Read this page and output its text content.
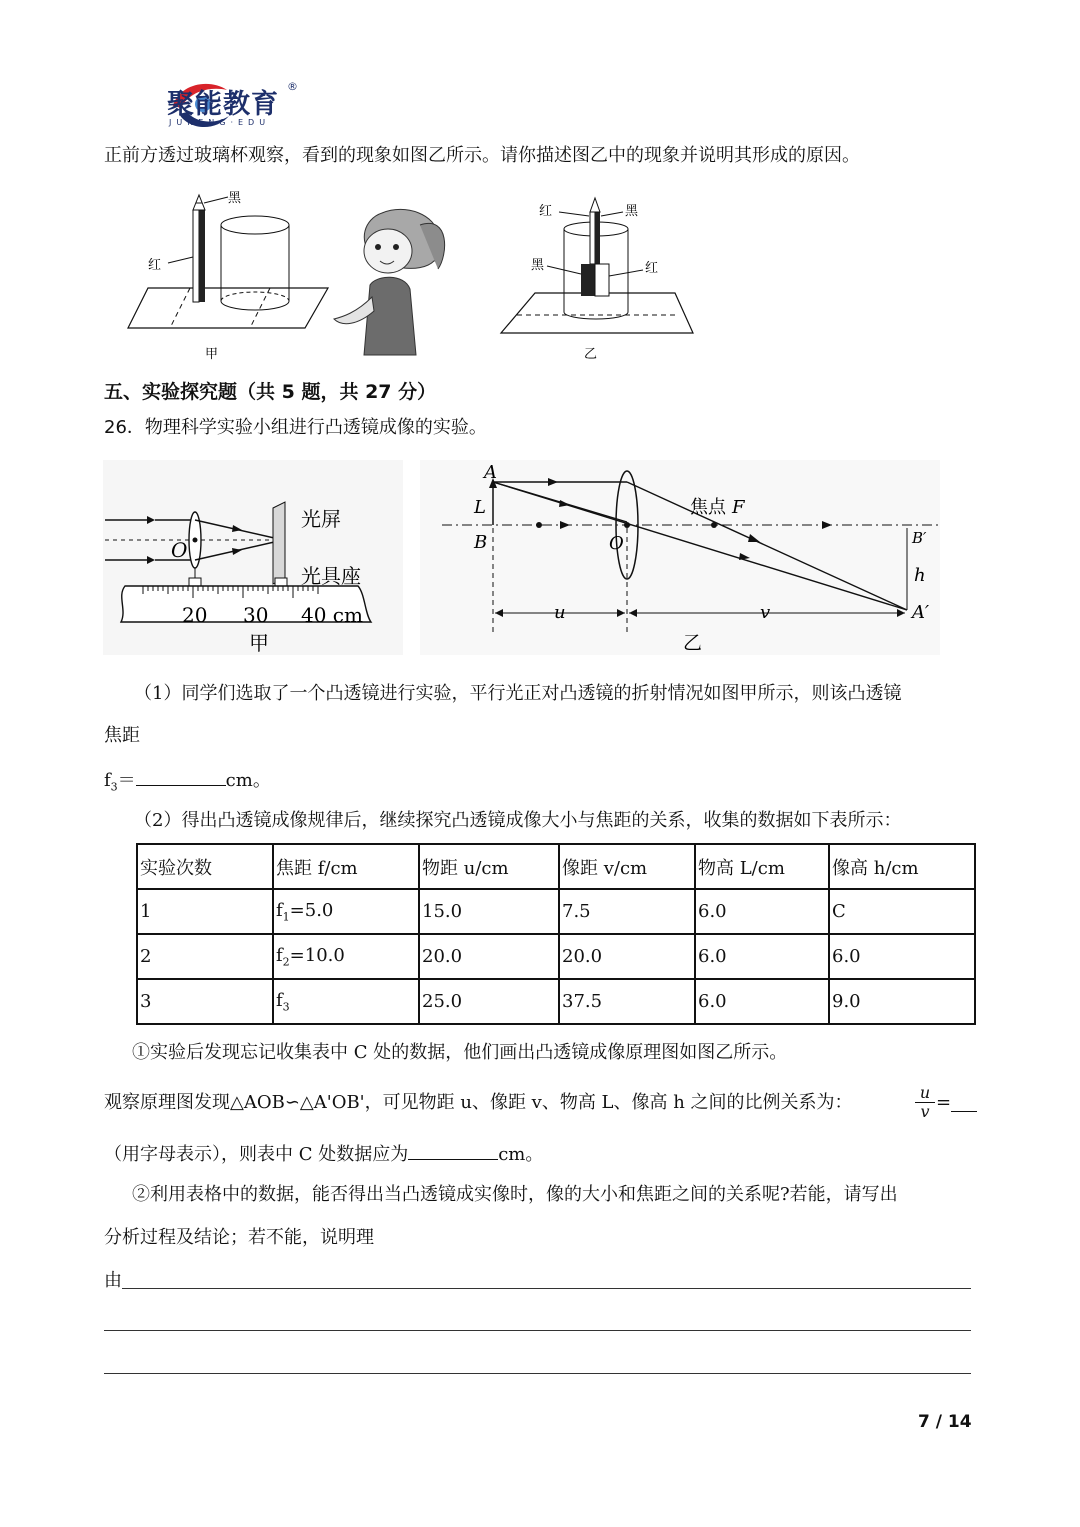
聚能教育
®
JUNENG·EDU
正前方透过玻璃杯观察，看到的现象如图乙所示。请你描述图乙中的现象并说明其形成的原因。
黑
红
甲
红	黑
黑	红
乙
五、实验探究题（共 5 题，共 27 分）
26．物理科学实验小组进行凸透镜成像的实验。
O
光屏
光具座
20 30 40 cm
甲
A
L
B	O
焦点 F
B′
h
A′
u	v
乙
（1）同学们选取了一个凸透镜进行实验，平行光正对凸透镜的折射情况如图甲所示，则该凸透镜
焦距
$f_3=$	cm。
（2）得出凸透镜成像规律后，继续探究凸透镜成像大小与焦距的关系，收集的数据如下表所示：
实验次数	焦距 f/cm	物距 u/cm	像距 v/cm	物高 L/cm	像高 h/cm
1	$f_1=5.0$	15.0	7.5	6.0	C
2	$f_2=10.0$	20.0	20.0	6.0	6.0
3	$f_3$	25.0	37.5	6.0	9.0
①实验后发现忘记收集表中 C 处的数据，他们画出凸透镜成像原理图如图乙所示。
观察原理图发现△AOB∽△A'OB'，可见物距 u、像距 v、物高 L、像高 h 之间的比例关系为：	$\frac{u}{v}$ =
（用字母表示），则表中 C 处数据应为	cm。
②利用表格中的数据，能否得出当凸透镜成实像时，像的大小和焦距之间的关系呢?若能，请写出
分析过程及结论；若不能，说明理
由
7 / 14
